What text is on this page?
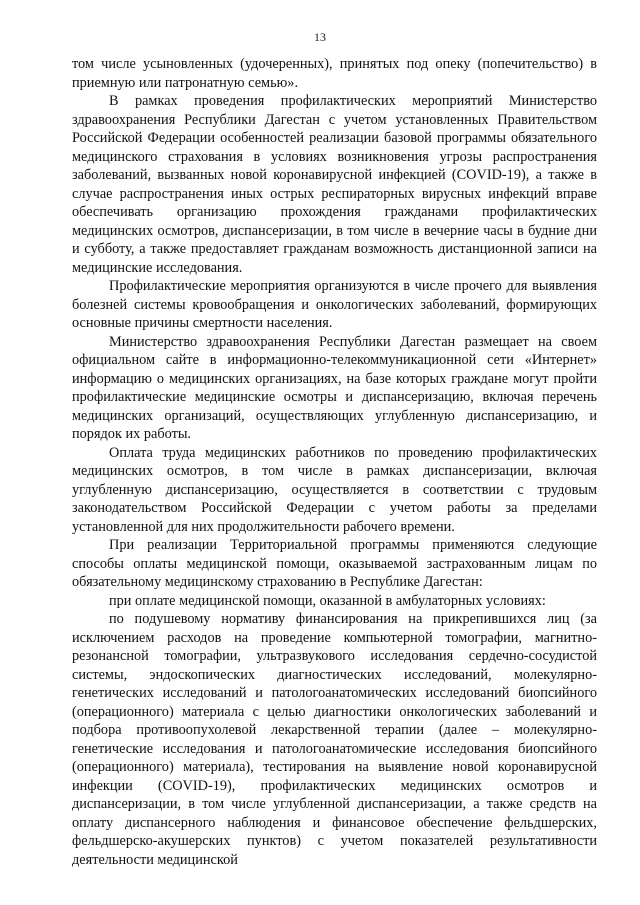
13

том числе усыновленных (удочеренных), принятых под опеку (попечительство) в приемную или патронатную семью».

В рамках проведения профилактических мероприятий Министерство здравоохранения Республики Дагестан с учетом установленных Правительством Российской Федерации особенностей реализации базовой программы обязательного медицинского страхования в условиях возникновения угрозы распространения заболеваний, вызванных новой коронавирусной инфекцией (COVID-19), а также в случае распространения иных острых респираторных вирусных инфекций вправе обеспечивать организацию прохождения гражданами профилактических медицинских осмотров, диспансеризации, в том числе в вечерние часы в будние дни и субботу, а также предоставляет гражданам возможность дистанционной записи на медицинские исследования.

Профилактические мероприятия организуются в числе прочего для выявления болезней системы кровообращения и онкологических заболеваний, формирующих основные причины смертности населения.

Министерство здравоохранения Республики Дагестан размещает на своем официальном сайте в информационно-телекоммуникационной сети «Интернет» информацию о медицинских организациях, на базе которых граждане могут пройти профилактические медицинские осмотры и диспансеризацию, включая перечень медицинских организаций, осуществляющих углубленную диспансеризацию, и порядок их работы.

Оплата труда медицинских работников по проведению профилактических медицинских осмотров, в том числе в рамках диспансеризации, включая углубленную диспансеризацию, осуществляется в соответствии с трудовым законодательством Российской Федерации с учетом работы за пределами установленной для них продолжительности рабочего времени.

При реализации Территориальной программы применяются следующие способы оплаты медицинской помощи, оказываемой застрахованным лицам по обязательному медицинскому страхованию в Республике Дагестан:

при оплате медицинской помощи, оказанной в амбулаторных условиях:

по подушевому нормативу финансирования на прикрепившихся лиц (за исключением расходов на проведение компьютерной томографии, магнитно-резонансной томографии, ультразвукового исследования сердечно-сосудистой системы, эндоскопических диагностических исследований, молекулярно-генетических исследований и патологоанатомических исследований биопсийного (операционного) материала с целью диагностики онкологических заболеваний и подбора противоопухолевой лекарственной терапии (далее – молекулярно-генетические исследования и патологоанатомические исследования биопсийного (операционного) материала), тестирования на выявление новой коронавирусной инфекции (COVID-19), профилактических медицинских осмотров и диспансеризации, в том числе углубленной диспансеризации, а также средств на оплату диспансерного наблюдения и финансовое обеспечение фельдшерских, фельдшерско-акушерских пунктов) с учетом показателей результативности деятельности медицинской
